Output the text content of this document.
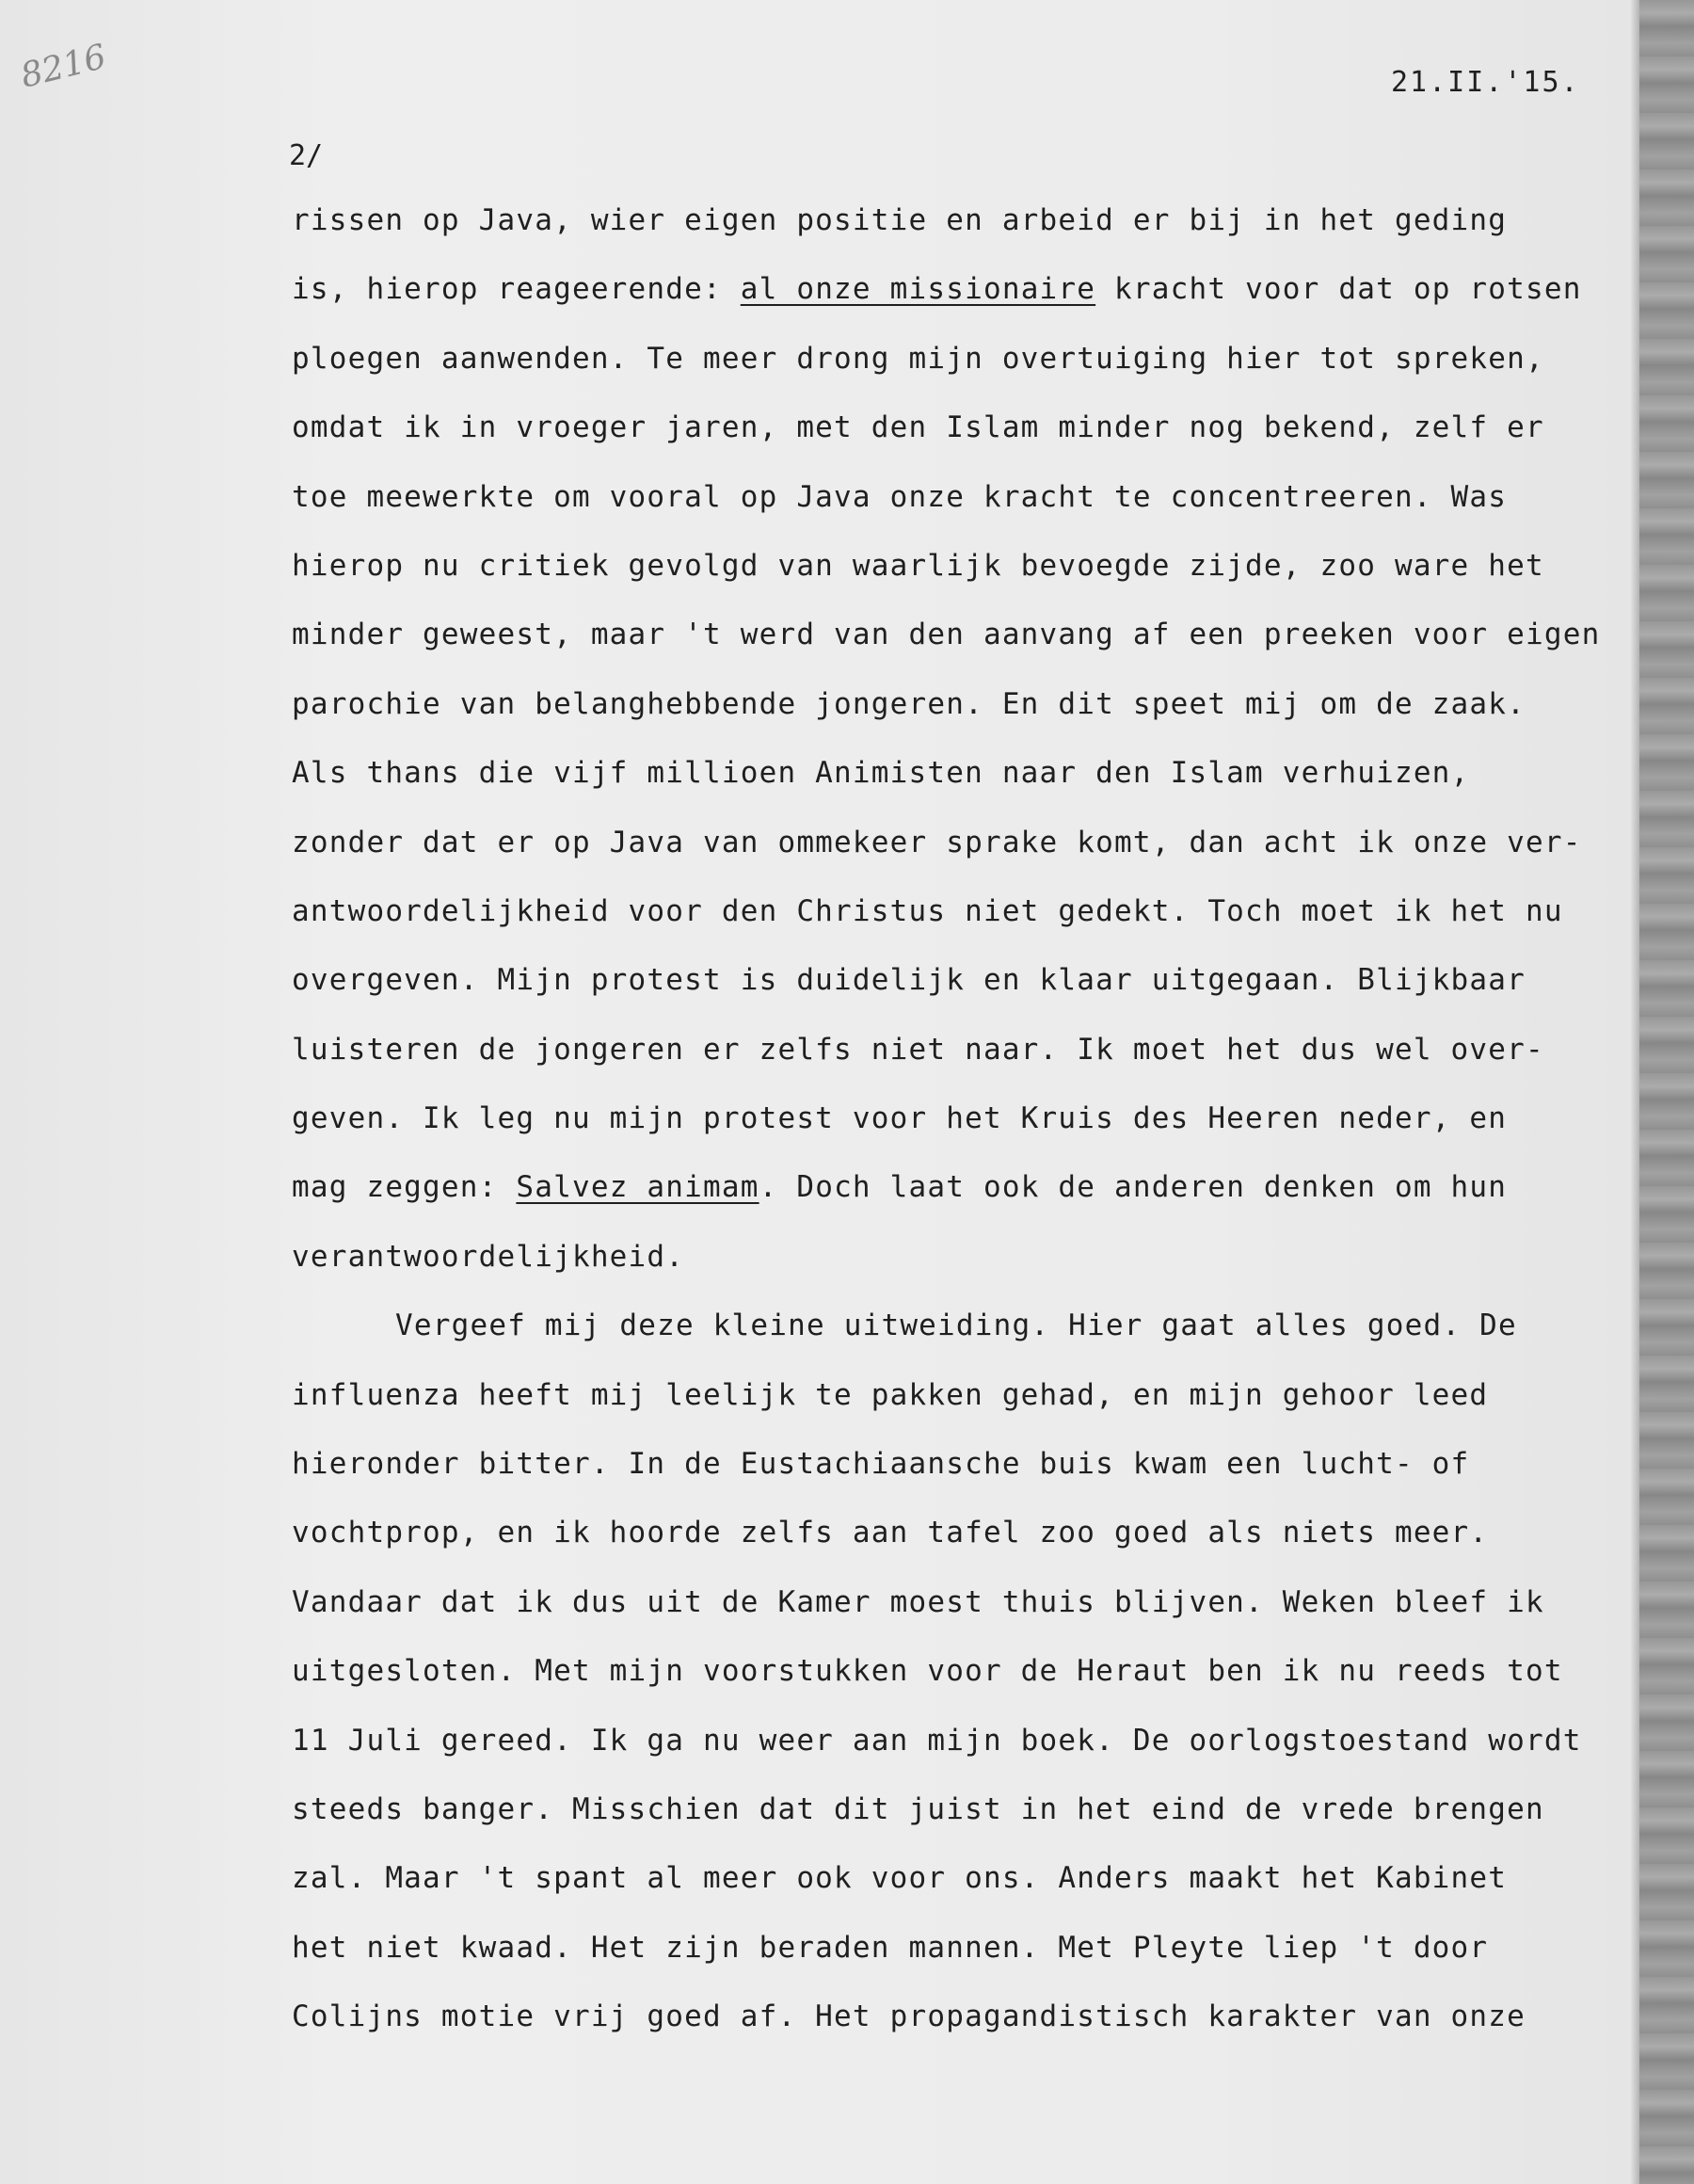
8216	21.II.'15.
2/
rissen op Java, wier eigen positie en arbeid er bij in het geding
is, hierop reageerende: al onze missionaire kracht voor dat op rotsen
ploegen aanwenden. Te meer drong mijn overtuiging hier tot spreken,
omdat ik in vroeger jaren, met den Islam minder nog bekend, zelf er
toe meewerkte om vooral op Java onze kracht te concentreeren. Was
hierop nu critiek gevolgd van waarlijk bevoegde zijde, zoo ware het
minder geweest, maar 't werd van den aanvang af een preeken voor eigen
parochie van belanghebbende jongeren. En dit speet mij om de zaak.
Als thans die vijf millioen Animisten naar den Islam verhuizen,
zonder dat er op Java van ommekeer sprake komt, dan acht ik onze ver-
antwoordelijkheid voor den Christus niet gedekt. Toch moet ik het nu
overgeven. Mijn protest is duidelijk en klaar uitgegaan. Blijkbaar
luisteren de jongeren er zelfs niet naar. Ik moet het dus wel over-
geven. Ik leg nu mijn protest voor het Kruis des Heeren neder, en
mag zeggen: Salvez animam. Doch laat ook de anderen denken om hun
verantwoordelijkheid.
Vergeef mij deze kleine uitweiding. Hier gaat alles goed. De
influenza heeft mij leelijk te pakken gehad, en mijn gehoor leed
hieronder bitter. In de Eustachiaansche buis kwam een lucht- of
vochtprop, en ik hoorde zelfs aan tafel zoo goed als niets meer.
Vandaar dat ik dus uit de Kamer moest thuis blijven. Weken bleef ik
uitgesloten. Met mijn voorstukken voor de Heraut ben ik nu reeds tot
11 Juli gereed. Ik ga nu weer aan mijn boek. De oorlogstoestand wordt
steeds banger. Misschien dat dit juist in het eind de vrede brengen
zal. Maar 't spant al meer ook voor ons. Anders maakt het Kabinet
het niet kwaad. Het zijn beraden mannen. Met Pleyte liep 't door
Colijns motie vrij goed af. Het propagandistisch karakter van onze
